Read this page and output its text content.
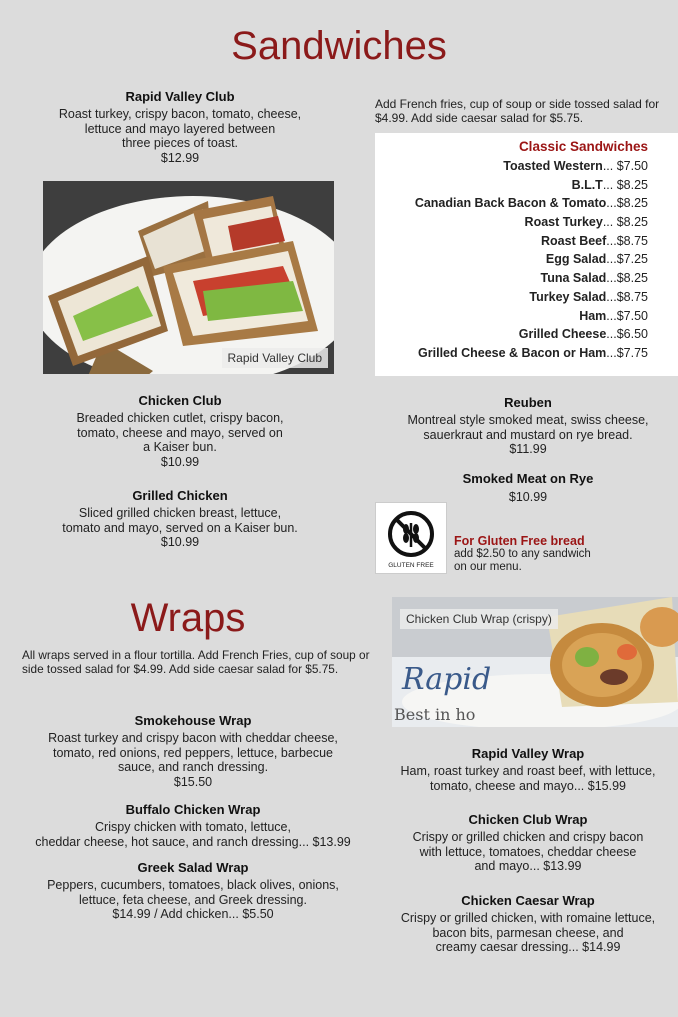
Sandwiches
Rapid Valley Club
Roast turkey, crispy bacon, tomato, cheese,
lettuce and mayo layered between
three pieces of toast.
$12.99
Add French fries, cup of soup or side tossed salad for $4.99. Add side caesar salad for $5.75.
Rapid Valley Club
Classic Sandwiches
Toasted Western... $7.50
B.L.T... $8.25
Canadian Back Bacon & Tomato...$8.25
Roast Turkey... $8.25
Roast Beef...$8.75
Egg Salad...$7.25
Tuna Salad...$8.25
Turkey Salad...$8.75
Ham...$7.50
Grilled Cheese...$6.50
Grilled Cheese & Bacon or Ham...$7.75
Chicken Club
Breaded chicken cutlet, crispy bacon,
tomato, cheese and mayo, served on
a Kaiser bun.
$10.99
Grilled Chicken
Sliced grilled chicken breast, lettuce,
tomato and mayo, served on a Kaiser bun.
$10.99
Reuben
Montreal style smoked meat, swiss cheese,
sauerkraut and mustard on rye bread.
$11.99
Smoked Meat on Rye
$10.99
GLUTEN FREE
For Gluten Free bread
add $2.50 to any sandwich
on our menu.
Wraps
All wraps served in a flour tortilla. Add French Fries, cup of soup or
side tossed salad for $4.99. Add side caesar salad for $5.75.	Rapid
Best in ho
Chicken Club Wrap (crispy)
Smokehouse Wrap
Roast turkey and crispy bacon with cheddar cheese,
tomato, red onions, red peppers, lettuce, barbecue
sauce, and ranch dressing.
$15.50
Buffalo Chicken Wrap
Crispy chicken with tomato, lettuce,
cheddar cheese, hot sauce, and ranch dressing... $13.99
Greek Salad Wrap
Peppers, cucumbers, tomatoes, black olives, onions,
lettuce, feta cheese, and Greek dressing.
$14.99 / Add chicken... $5.50
Rapid Valley Wrap
Ham, roast turkey and roast beef, with lettuce,
tomato, cheese and mayo... $15.99
Chicken Club Wrap
Crispy or grilled chicken and crispy bacon
with lettuce, tomatoes, cheddar cheese
and mayo... $13.99
Chicken Caesar Wrap
Crispy or grilled chicken, with romaine lettuce,
bacon bits, parmesan cheese, and
creamy caesar dressing... $14.99
